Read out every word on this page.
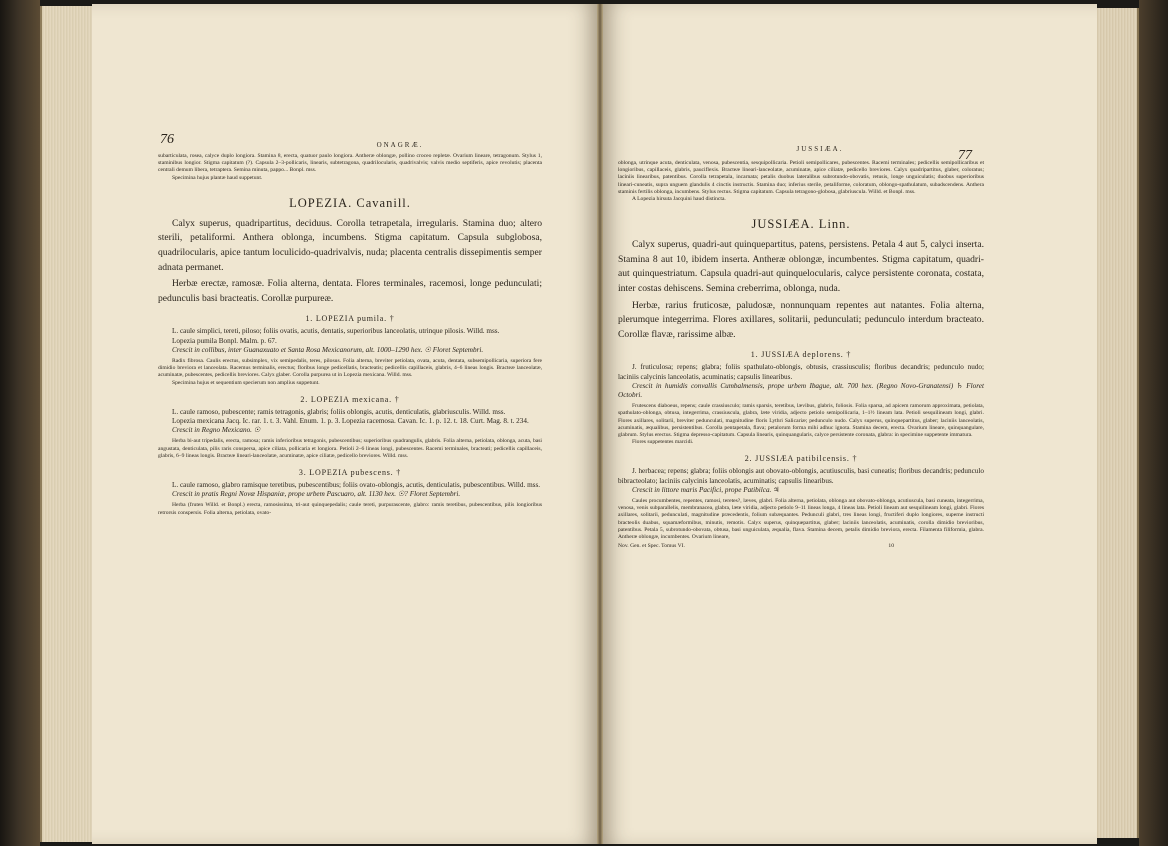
76	ONAGRÆ.

subarticulata, rosea, calyce duplo longiora. Stamina 8, erecta, quatuor paulo longiora. Antheræ oblongæ, pollino croceo repletæ. Ovarium lineare, tetragonum. Stylus 1, staminibus longior. Stigma capitatum (?). Capsula 2–3-pollicaris, linearis, subtetragona, quadrilocularis, quadrivalvis; valvis medio septiferis, apice revolutis; placenta centrali demum libera, tetraptera. Semina minuta, pappo... Bonpl. mss.

Specimina hujus plantæ haud suppetunt.

LOPEZIA. Cavanill.

Calyx superus, quadripartitus, deciduus. Corolla tetrapetala, irregularis. Stamina duo; altero sterili, petaliformi. Anthera oblonga, incumbens. Stigma capitatum. Capsula subglobosa, quadrilocularis, apice tantum loculicido-quadrivalvis, nuda; placenta centralis dissepimentis semper adnata permanet.

Herbæ erectæ, ramosæ. Folia alterna, dentata. Flores terminales, racemosi, longe pedunculati; pedunculis basi bracteatis. Corollæ purpureæ.

1. LOPEZIA pumila. †

L. caule simplici, tereti, piloso; foliis ovatis, acutis, dentatis, superioribus lanceolatis, utrinque pilosis. Willd. mss.

Lopezia pumila Bonpl. Malm. p. 67.

Crescit in collibus, inter Guanaxuato et Santa Rosa Mexicanorum, alt. 1000–1290 hex. ☉ Floret Septembri.

Radix fibrosa. Caulis erectus, subsimplex, vix semipedalis, teres, pilosus. Folia alterna, breviter petiolata, ovata, acuta, dentata, subsemipollicaria, superiora fere dimidio breviora et lanceolata. Racemus terminalis, erectus; floribus longe pedicellatis, bracteatis; pedicellis capillaceis, glabris, 4–6 lineas longis. Bracteæ lanceolatæ, acuminatæ, pubescentes, pedicellis breviores. Calyx glaber. Corolla purpurea ut in Lopezia mexicana. Willd. mss.

Specimina hujus et sequentium specierum non amplius suppetunt.

2. LOPEZIA mexicana. †

L. caule ramoso, pubescente; ramis tetragonis, glabris; foliis oblongis, acutis, denticulatis, glabriusculis. Willd. mss.

Lopezia mexicana Jacq. Ic. rar. 1. t. 3. Vahl. Enum. 1. p. 3. Lopezia racemosa. Cavan. Ic. 1. p. 12. t. 18. Curt. Mag. 8. t. 234.

Crescit in Regno Mexicano. ☉

Herba bi-aut tripedalis, erecta, ramosa; ramis inferioribus tetragonis, pubescentibus; superioribus quadrangulis, glabris. Folia alterna, petiolata, oblonga, acuta, basi angustata, denticulata, pilis raris conspersa, apice ciliata, pollicaria et longiora. Petioli 2–6 lineas longi, pubescentes. Racemi terminales, bracteati; pedicellis capillaceis, glabris, 6–9 lineas longis. Bracteæ lineari-lanceolatæ, acuminatæ, apice ciliatæ, pedicello breviores. Willd. mss.

3. LOPEZIA pubescens. †

L. caule ramoso, glabro ramisque teretibus, pubescentibus; foliis ovato-oblongis, acutis, denticulatis, pubescentibus. Willd. mss.

Crescit in pratis Regni Novæ Hispaniæ, prope urbem Pascuaro, alt. 1130 hex. ☉? Floret Septembri.

Herba (fruten Willd. et Bonpl.) erecta, ramosissima, tri-aut quinquepedalis; caule tereti, purpurascente, glabro: ramis teretibus, pubescentibus, pilis longioribus retrorsis conspersis. Folia alterna, petiolata, ovato-

JUSSIÆA.	77

oblonga, utrinque acuta, denticulata, venosa, pubescentia, sesquipollicaria. Petioli semipollicares, pubescentes. Racemi terminales; pedicellis semipollicaribus et longioribus, capillaceis, glabris, pauciflexis. Bracteæ lineari-lanceolatæ, acuminatæ, apice ciliatæ, pedicello breviores. Calyx quadripartitus, glaber, coloratus; laciniis linearibus, patentibus. Corolla tetrapetala, incarnata; petalis duobus lateralibus subrotundo-obovatis, retusis, longe unguiculatis; duobus superioribus lineari-cuneatis, supra unguem glandulis 4 cinctis instructis. Stamina duo; inferius sterile, petaliforme, coloratum, oblongo-spathulatum, subadscendens. Anthera staminis fertilis oblonga, incumbens. Stylus rectus. Stigma capitatum. Capsula tetragono-globosa, glabriuscula. Willd. et Bonpl. mss.

A Lopezia hirsuta Jacquini haud distincta.

JUSSIÆA. Linn.

Calyx superus, quadri-aut quinquepartitus, patens, persistens. Petala 4 aut 5, calyci inserta. Stamina 8 aut 10, ibidem inserta. Antheræ oblongæ, incumbentes. Stigma capitatum, quadri-aut quinquestriatum. Capsula quadri-aut quinquelocularis, calyce persistente coronata, costata, inter costas dehiscens. Semina creberrima, oblonga, nuda.

Herbæ, rarius fruticosæ, paludosæ, nonnunquam repentes aut natantes. Folia alterna, plerumque integerrima. Flores axillares, solitarii, pedunculati; pedunculo interdum bracteato. Corollæ flavæ, rarissime albæ.

1. JUSSIÆA deplorens. †

J. fruticulosa; repens; glabra; foliis spathulato-oblongis, obtusis, crassiusculis; floribus decandris; pedunculo nudo; laciniis calycinis lanceolatis, acuminatis; capsulis linearibus.

Crescit in humidis convallis Cumbalmensis, prope urbem Ibague, alt. 700 hex. (Regno Novo-Granatensi) ♄ Floret Octobri.

Frutescens diaboeus, repens; caule crassiusculo; ramis sparsis, teretibus, lævibus, glabris, foliosis. Folia sparsa, ad apicem ramorum approximata, petiolata, spathulato-oblonga, obtusa, integerrima, crassiuscula, glabra, læte viridia, adjecto petiolo semipollicaria, 1–1½ lineam lata. Petioli sesquilineam longi, glabri. Flores axillares, solitarii, breviter pedunculati, magnitudine floris Lythri Salicariæ; pedunculo nudo. Calyx superus, quinquepartitus, glaber; laciniis lanceolatis, acuminatis, æqualibus, persistentibus. Corolla pentapetala, flava; petalorum forma mihi adhuc ignota. Stamina decem, erecta. Ovarium lineare, quinquangulare, glabrum. Stylus erectus. Stigma depresso-capitatum. Capsula linearis, quinquangularis, calyce persistente coronata, glabra: in specimine suppetente immatura.

Flores suppetentes marcidi.

2. JUSSIÆA patibilcensis. †

J. herbacea; repens; glabra; foliis oblongis aut obovato-oblongis, acutiusculis, basi cuneatis; floribus decandris; pedunculo bibracteolato; laciniis calycinis lanceolatis, acuminatis; capsulis linearibus.

Crescit in littore maris Pacifici, prope Patibilca. ♃

Caules procumbentes, repentes, ramosi, teretes?, læves, glabri. Folia alterna, petiolata, oblonga aut obovato-oblonga, acutiuscula, basi cuneata, integerrima, venosa, venis subparallelis, membranacea, glabra, læte viridia, adjecto petiolo 9–11 lineas longa, 4 lineas lata. Petioli lineam aut sesquilineam longi, glabri. Flores axillares, solitarii, pedunculati, magnitudine præcedentis, folium subæquantes. Pedunculi glabri, tres lineas longi, fructiferi duplo longiores, superne instructi bracteolis duabus, squamæformibus, minutis, remotis. Calyx superus, quinquepartitus, glaber; laciniis lanceolatis, acuminatis, corolla dimidio brevioribus, patentibus. Petala 5, subrotundo-obovata, obtusa, basi unguiculata, æqualia, flava. Stamina decem, petalis dimidio breviora, erecta. Filamenta filiformia, glabra. Antheræ oblongæ, incumbentes. Ovarium lineare,

Nov. Gen. et Spec. Tomus VI.	10
